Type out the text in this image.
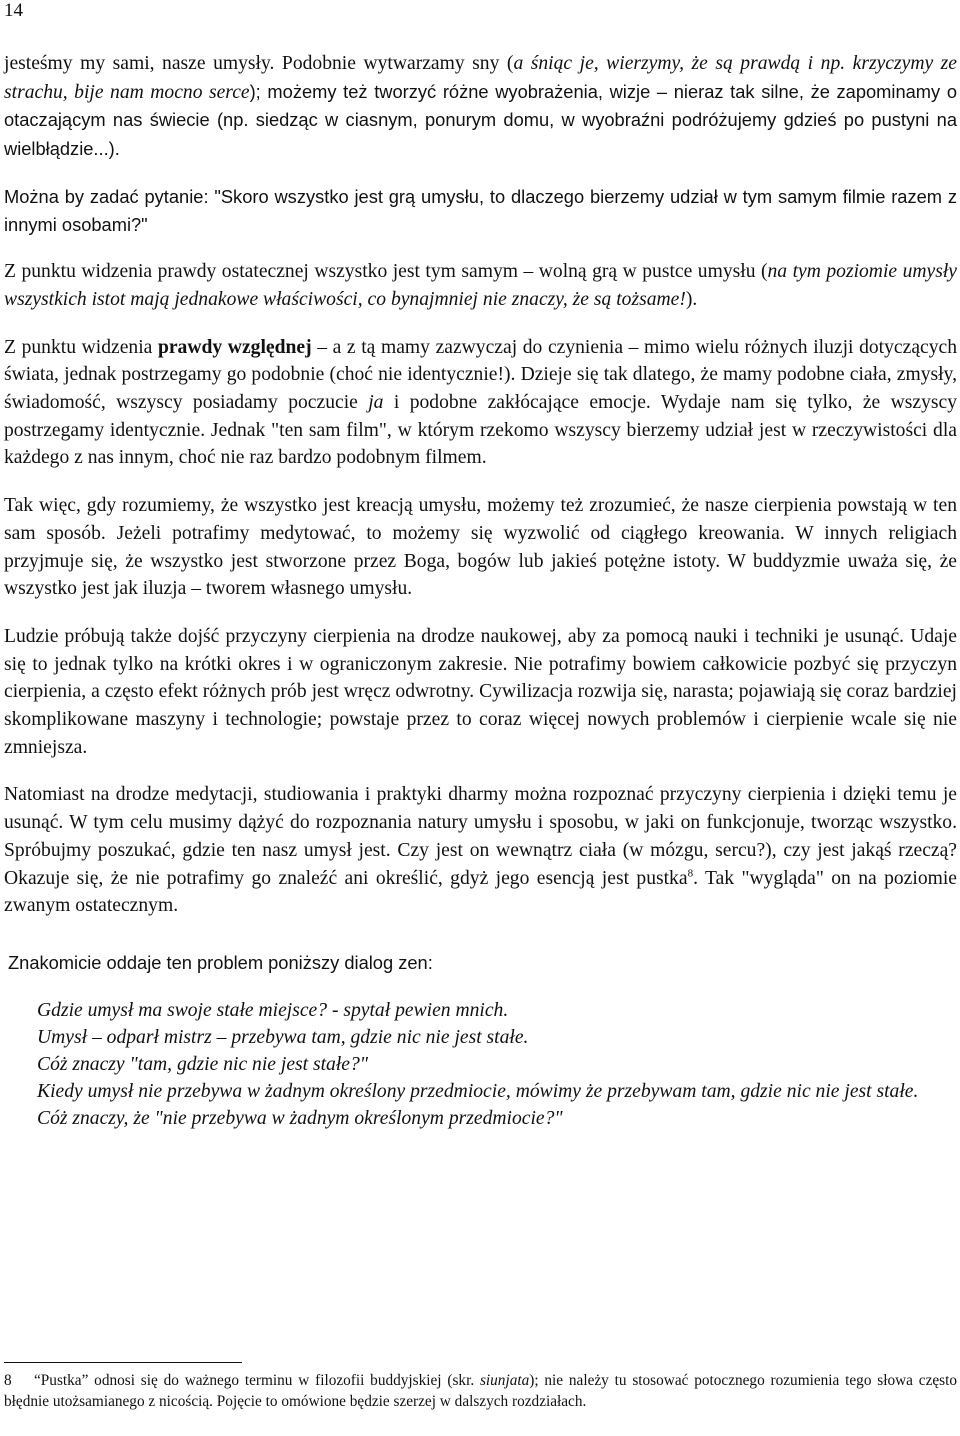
14

jesteśmy my sami, nasze umysły. Podobnie wytwarzamy sny (a śniąc je, wierzymy, że są prawdą i np. krzyczymy ze strachu, bije nam mocno serce); możemy też tworzyć różne wyobrażenia, wizje – nieraz tak silne, że zapominamy o otaczającym nas świecie (np. siedząc w ciasnym, ponurym domu, w wyobraźni podróżujemy gdzieś po pustyni na wielbłądzie...).

Można by zadać pytanie: "Skoro wszystko jest grą umysłu, to dlaczego bierzemy udział w tym samym filmie razem z innymi osobami?"

Z punktu widzenia prawdy ostatecznej wszystko jest tym samym – wolną grą w pustce umysłu (na tym poziomie umysły wszystkich istot mają jednakowe właściwości, co bynajmniej nie znaczy, że są tożsame!).

Z punktu widzenia prawdy względnej – a z tą mamy zazwyczaj do czynienia – mimo wielu różnych iluzji dotyczących świata, jednak postrzegamy go podobnie (choć nie identycznie!). Dzieje się tak dlatego, że mamy podobne ciała, zmysły, świadomość, wszyscy posiadamy poczucie ja i podobne zakłócające emocje. Wydaje nam się tylko, że wszyscy postrzegamy identycznie. Jednak "ten sam film", w którym rzekomo wszyscy bierzemy udział jest w rzeczywistości dla każdego z nas innym, choć nie raz bardzo podobnym filmem.

Tak więc, gdy rozumiemy, że wszystko jest kreacją umysłu, możemy też zrozumieć, że nasze cierpienia powstają w ten sam sposób. Jeżeli potrafimy medytować, to możemy się wyzwolić od ciągłego kreowania. W innych religiach przyjmuje się, że wszystko jest stworzone przez Boga, bogów lub jakieś potężne istoty. W buddyzmie uważa się, że wszystko jest jak iluzja – tworem własnego umysłu.

Ludzie próbują także dojść przyczyny cierpienia na drodze naukowej, aby za pomocą nauki i techniki je usunąć. Udaje się to jednak tylko na krótki okres i w ograniczonym zakresie. Nie potrafimy bowiem całkowicie pozbyć się przyczyn cierpienia, a często efekt różnych prób jest wręcz odwrotny. Cywilizacja rozwija się, narasta; pojawiają się coraz bardziej skomplikowane maszyny i technologie; powstaje przez to coraz więcej nowych problemów i cierpienie wcale się nie zmniejsza.

Natomiast na drodze medytacji, studiowania i praktyki dharmy można rozpoznać przyczyny cierpienia i dzięki temu je usunąć. W tym celu musimy dążyć do rozpoznania natury umysłu i sposobu, w jaki on funkcjonuje, tworząc wszystko. Spróbujmy poszukać, gdzie ten nasz umysł jest. Czy jest on wewnątrz ciała (w mózgu, sercu?), czy jest jakąś rzeczą? Okazuje się, że nie potrafimy go znaleźć ani określić, gdyż jego esencją jest pustka$^8$. Tak "wygląda" on na poziomie zwanym ostatecznym.

Znakomicie oddaje ten problem poniższy dialog zen:

Gdzie umysł ma swoje stałe miejsce? - spytał pewien mnich.

Umysł – odparł mistrz – przebywa tam, gdzie nic nie jest stałe.

Cóż znaczy "tam, gdzie nic nie jest stałe?"

Kiedy umysł nie przebywa w żadnym określony przedmiocie, mówimy że przebywam tam, gdzie nic nie jest stałe.

Cóż znaczy, że "nie przebywa w żadnym określonym przedmiocie?"

8 “Pustka” odnosi się do ważnego terminu w filozofii buddyjskiej (skr. siunjata); nie należy tu stosować potocznego rozumienia tego słowa często błędnie utożsamianego z nicością. Pojęcie to omówione będzie szerzej w dalszych rozdziałach.
